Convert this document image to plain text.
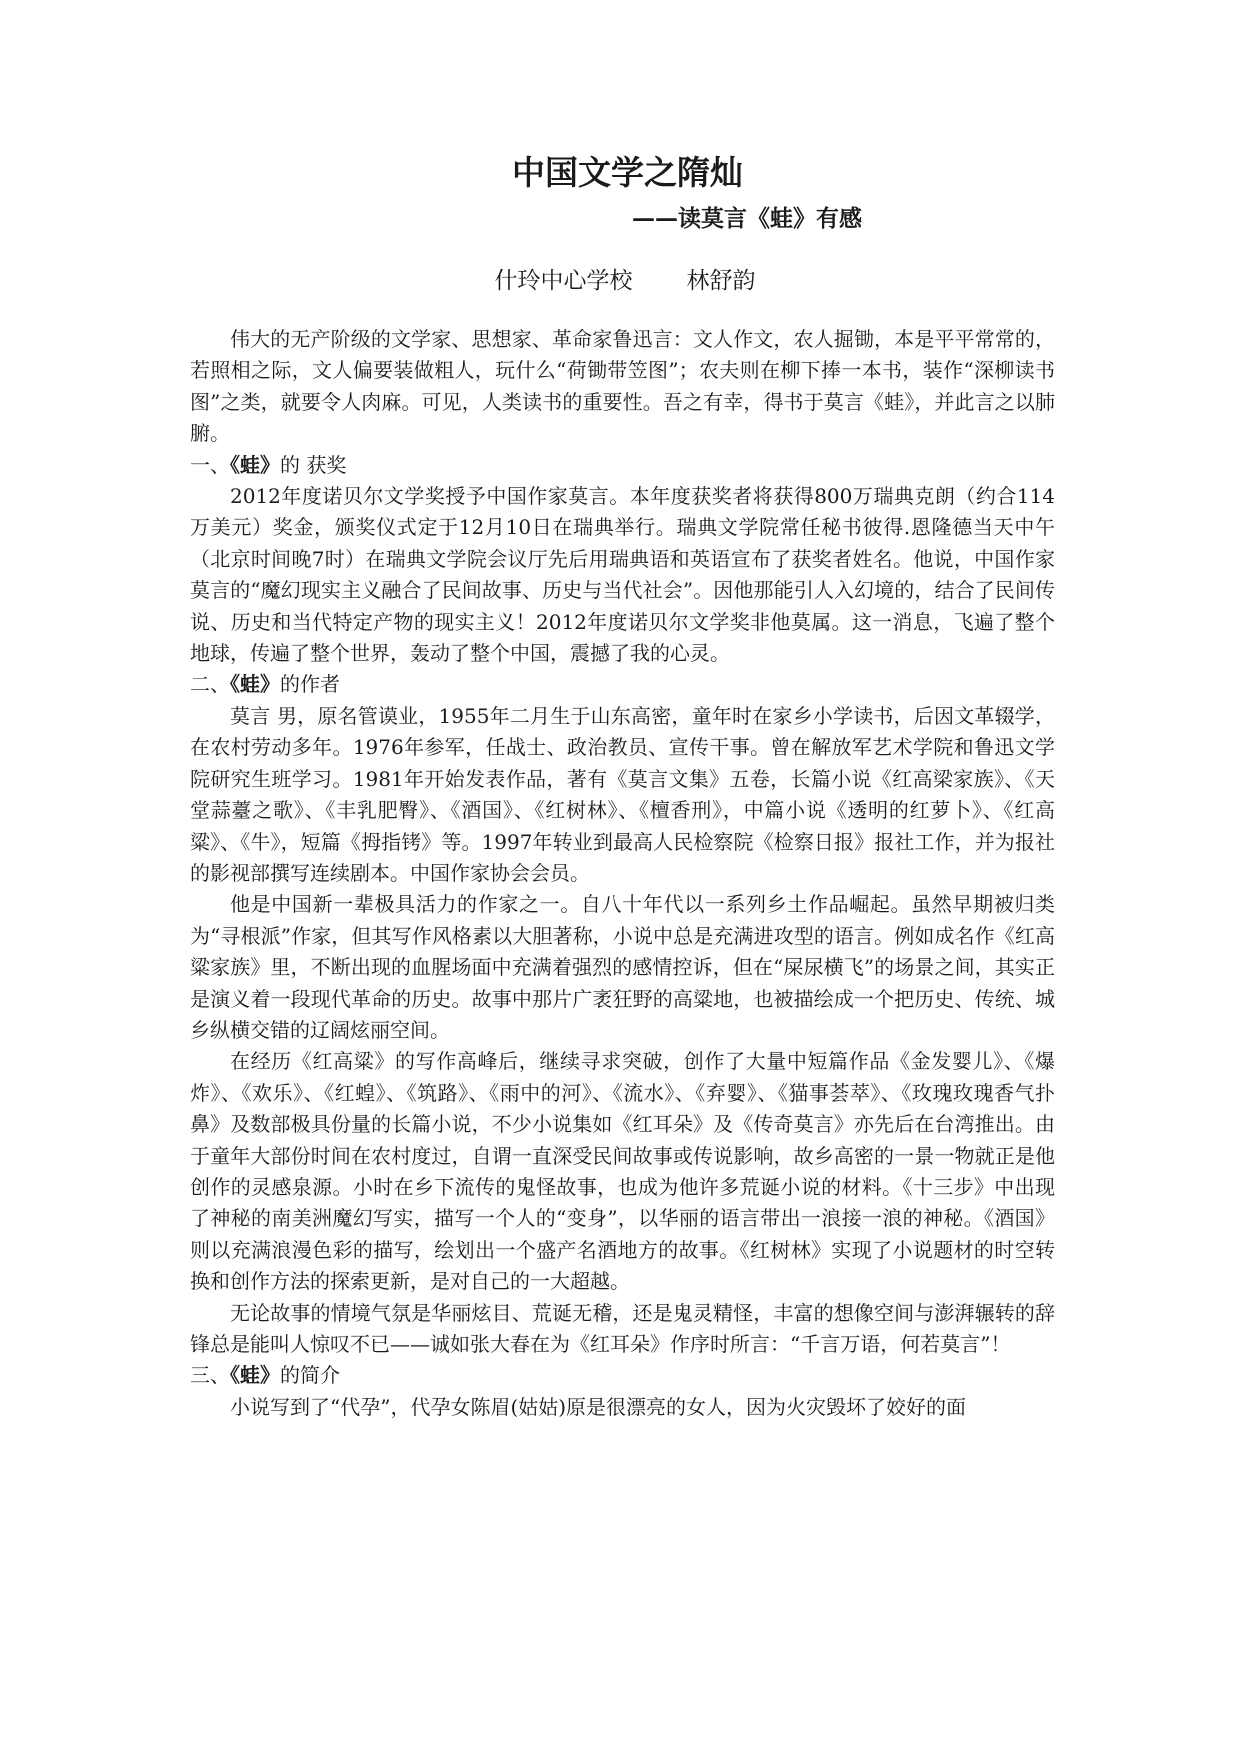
中国文学之隋灿
——读莫言《蛙》有感
什玲中心学校 林舒韵

伟大的无产阶级的文学家、思想家、革命家鲁迅言：文人作文，农人掘锄，本是平平常常的，若照相之际，文人偏要装做粗人，玩什么“荷锄带笠图”；农夫则在柳下捧一本书，装作“深柳读书图”之类，就要令人肉麻。可见，人类读书的重要性。吾之有幸，得书于莫言《蛙》，并此言之以肺腑。

一、《蛙》的 获奖

2012年度诺贝尔文学奖授予中国作家莫言。本年度获奖者将获得800万瑞典克朗（约合114万美元）奖金，颁奖仪式定于12月10日在瑞典举行。瑞典文学院常任秘书彼得.恩隆德当天中午（北京时间晚7时）在瑞典文学院会议厅先后用瑞典语和英语宣布了获奖者姓名。他说，中国作家莫言的“魔幻现实主义融合了民间故事、历史与当代社会”。因他那能引人入幻境的，结合了民间传说、历史和当代特定产物的现实主义！2012年度诺贝尔文学奖非他莫属。这一消息，飞遍了整个地球，传遍了整个世界，轰动了整个中国，震撼了我的心灵。

二、《蛙》的作者

莫言 男，原名管谟业，1955年二月生于山东高密，童年时在家乡小学读书，后因文革辍学，在农村劳动多年。1976年参军，任战士、政治教员、宣传干事。曾在解放军艺术学院和鲁迅文学院研究生班学习。1981年开始发表作品，著有《莫言文集》五卷，长篇小说《红高梁家族》、《天堂蒜薹之歌》、《丰乳肥臀》、《酒国》、《红树林》、《檀香刑》，中篇小说《透明的红萝卜》、《红高粱》、《牛》，短篇《拇指铐》等。1997年转业到最高人民检察院《检察日报》报社工作，并为报社的影视部撰写连续剧本。中国作家协会会员。

他是中国新一辈极具活力的作家之一。自八十年代以一系列乡土作品崛起。虽然早期被归类为“寻根派”作家，但其写作风格素以大胆著称，小说中总是充满进攻型的语言。例如成名作《红高粱家族》里，不断出现的血腥场面中充满着强烈的感情控诉，但在“屎尿横飞”的场景之间，其实正是演义着一段现代革命的历史。故事中那片广袤狂野的高粱地，也被描绘成一个把历史、传统、城乡纵横交错的辽阔炫丽空间。

在经历《红高粱》的写作高峰后，继续寻求突破，创作了大量中短篇作品《金发婴儿》、《爆炸》、《欢乐》、《红蝗》、《筑路》、《雨中的河》、《流水》、《弃婴》、《猫事荟萃》、《玫瑰玫瑰香气扑鼻》及数部极具份量的长篇小说，不少小说集如《红耳朵》及《传奇莫言》亦先后在台湾推出。由于童年大部份时间在农村度过，自谓一直深受民间故事或传说影响，故乡高密的一景一物就正是他创作的灵感泉源。小时在乡下流传的鬼怪故事，也成为他许多荒诞小说的材料。《十三步》中出现了神秘的南美洲魔幻写实，描写一个人的“变身”，以华丽的语言带出一浪接一浪的神秘。《酒国》则以充满浪漫色彩的描写，绘划出一个盛产名酒地方的故事。《红树林》实现了小说题材的时空转换和创作方法的探索更新，是对自己的一大超越。

无论故事的情境气氛是华丽炫目、荒诞无稽，还是鬼灵精怪，丰富的想像空间与澎湃辗转的辞锋总是能叫人惊叹不已——诚如张大春在为《红耳朵》作序时所言：“千言万语，何若莫言”！

三、《蛙》的简介

小说写到了“代孕”，代孕女陈眉(姑姑)原是很漂亮的女人，因为火灾毁坏了姣好的面
